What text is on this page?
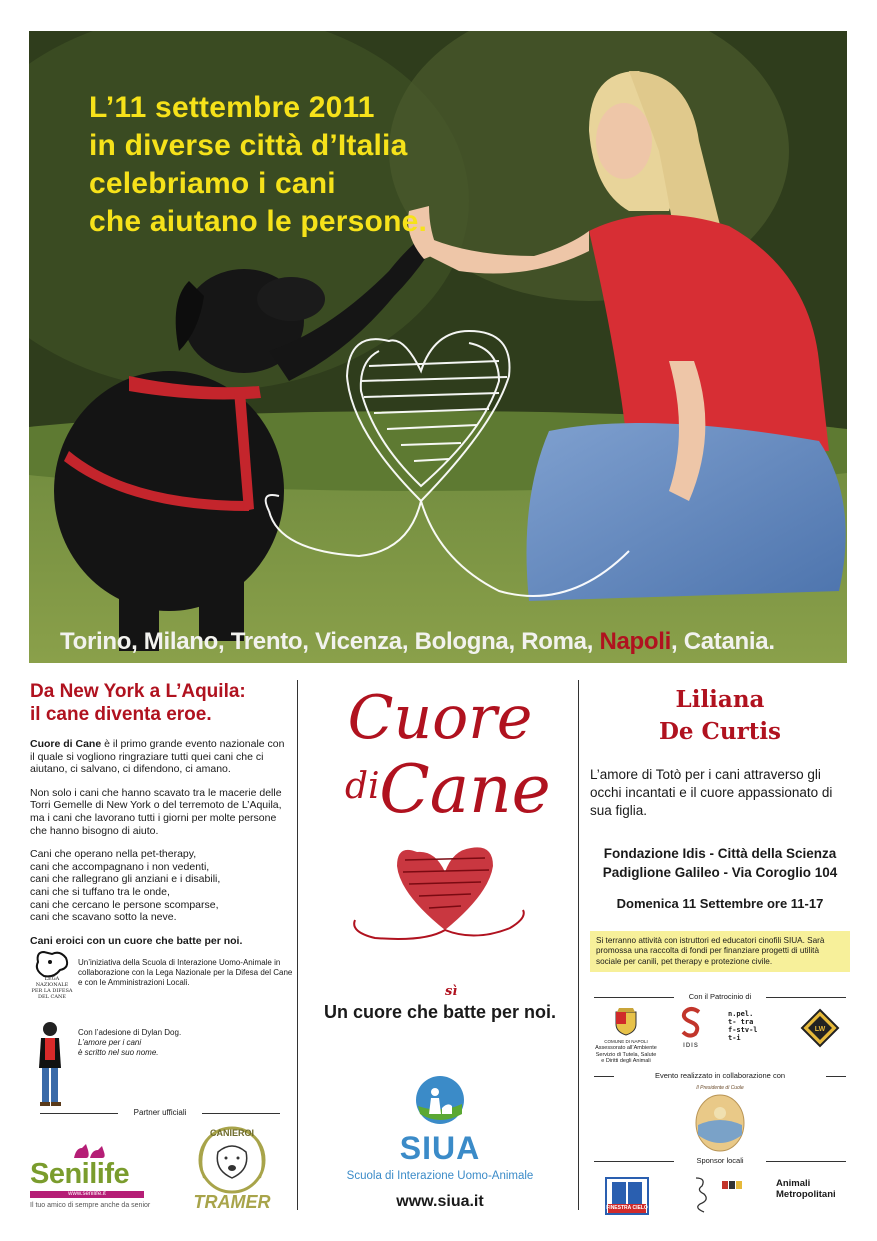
L’11 settembre 2011
in diverse città d’Italia
celebriamo i cani
che aiutano le persone.
Torino, Milano, Trento, Vicenza, Bologna, Roma, Napoli, Catania.
Da New York a L’Aquila:
il cane diventa eroe.

Cuore di Cane è il primo grande evento nazionale con il quale si vogliono ringraziare tutti quei cani che ci aiutano, ci salvano, ci difendono, ci amano.

Non solo i cani che hanno scavato tra le macerie delle Torri Gemelle di New York o del terremoto de L’Aquila, ma i cani che lavorano tutti i giorni per molte persone che hanno bisogno di aiuto.

Cani che operano nella pet-therapy,
cani che accompagnano i non vedenti,
cani che rallegrano gli anziani e i disabili,
cani che si tuffano tra le onde,
cani che cercano le persone scomparse,
cani che scavano sotto la neve.

Cani eroici con un cuore che batte per noi.

LEGA
NAZIONALE
PER LA DIFESA
DEL CANE
Un’iniziativa della Scuola di Interazione Uomo-Animale in collaborazione con la Lega Nazionale per la Difesa del Cane e con le Amministrazioni Locali.
Con l’adesione di Dylan Dog.
L’amore per i cani
è scritto nel suo nome.
Partner ufficiali
Senilife
www.senilife.it
Il tuo amico di sempre anche da senior
CANIEROI
TRAMER
Cuore
di Cane
Un cuore che
sì
batte per noi.
SIUA
Scuola di Interazione Uomo-Animale
www.siua.it
Liliana
De Curtis
L’amore di Totò per i cani attraverso gli occhi incantati e il cuore appassionato di sua figlia.
Fondazione Idis - Città della Scienza
Padiglione Galileo - Via Coroglio 104
Domenica 11 Settembre ore 11-17
Si terranno attività con istruttori ed educatori cinofili SIUA. Sarà promossa una raccolta di fondi per finanziare progetti di utilità sociale per canili, pet therapy e protezione civile.
Con il Patrocinio di
COMUNE DI NAPOLI
Assessorato all’Ambiente
Servizio di Tutela, Salute
e Diritti degli Animali
IDIS
n.pel.
t- tra
f-stv-l
t-i
LW
Evento realizzato in collaborazione con
Il Presidente di Cuole
Sponsor locali
FINESTRA CIELO
Animali
Metropolitani
